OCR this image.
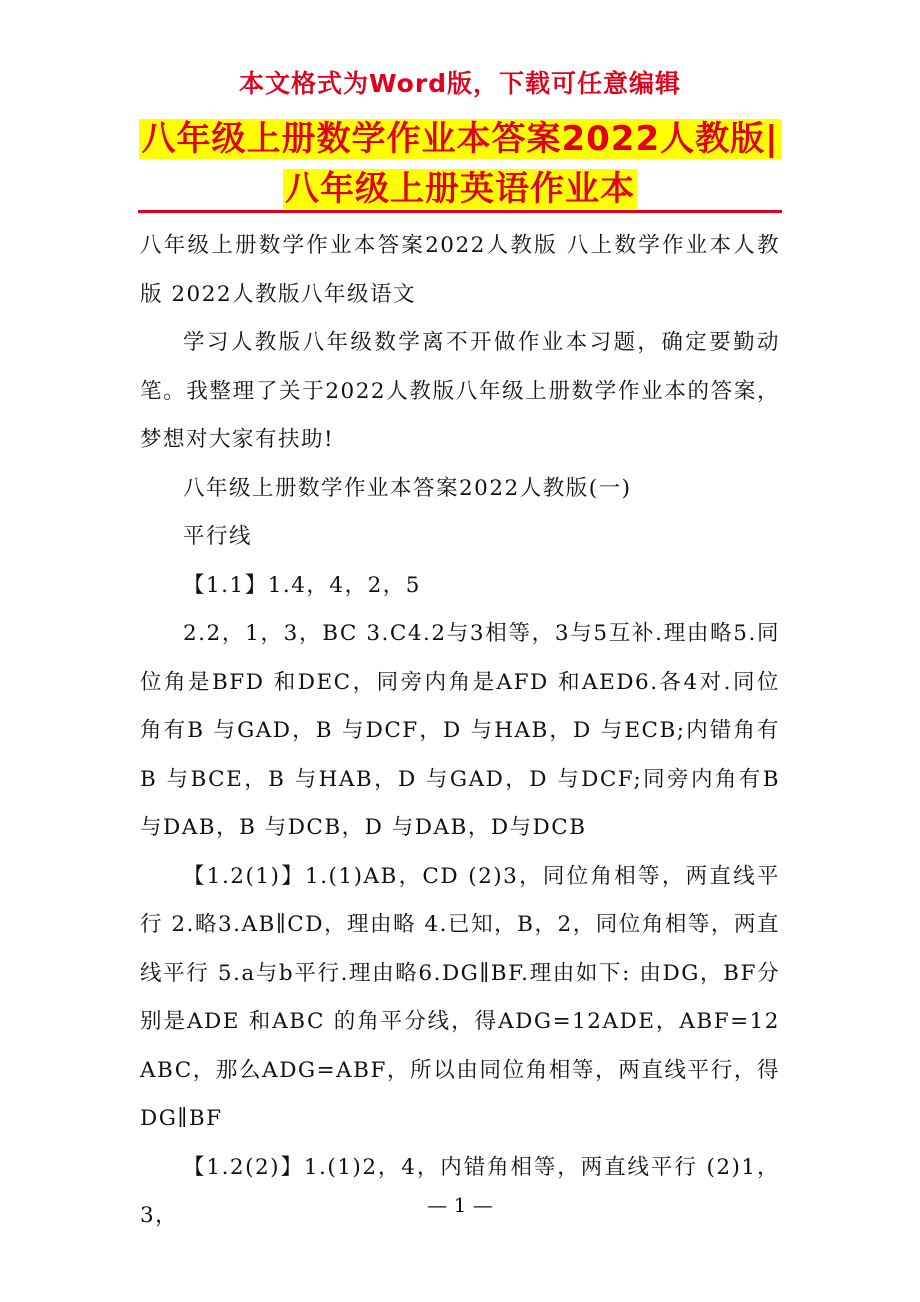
本文格式为Word版，下载可任意编辑
八年级上册数学作业本答案2022人教版|八年级上册英语作业本

八年级上册数学作业本答案2022人教版 八上数学作业本人教版 2022人教版八年级语文

学习人教版八年级数学离不开做作业本习题，确定要勤动笔。我整理了关于2022人教版八年级上册数学作业本的答案，梦想对大家有扶助!

八年级上册数学作业本答案2022人教版(一)

平行线

【1.1】1.4，4，2，5

2.2，1，3，BC 3.C4.2与3相等，3与5互补.理由略5.同位角是BFD 和DEC，同旁内角是AFD 和AED6.各4对.同位角有B 与GAD，B 与DCF，D 与HAB，D 与ECB;内错角有B 与BCE，B 与HAB，D 与GAD，D 与DCF;同旁内角有B 与DAB，B 与DCB，D 与DAB，D与DCB

【1.2(1)】1.(1)AB，CD (2)3，同位角相等，两直线平行 2.略3.AB∥CD，理由略 4.已知，B，2，同位角相等，两直线平行 5.a与b平行.理由略6.DG∥BF.理由如下: 由DG，BF分别是ADE 和ABC 的角平分线，得ADG=12ADE，ABF=12 ABC，那么ADG=ABF，所以由同位角相等，两直线平行，得DG∥BF

【1.2(2)】1.(1)2，4，内错角相等，两直线平行 (2)1，3，	— 1 —
